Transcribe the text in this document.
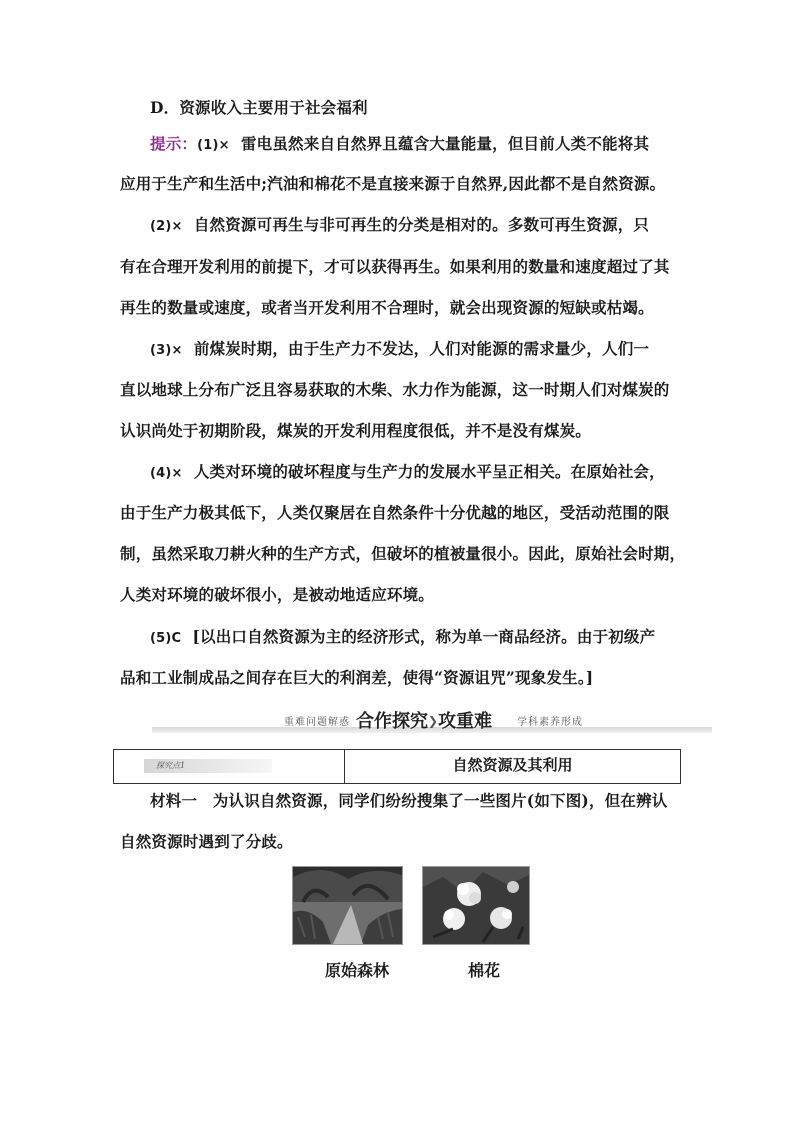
D．资源收入主要用于社会福利
提示：(1)× 雷电虽然来自自然界且蕴含大量能量，但目前人类不能将其
应用于生产和生活中;汽油和棉花不是直接来源于自然界,因此都不是自然资源。
(2)× 自然资源可再生与非可再生的分类是相对的。多数可再生资源，只
有在合理开发利用的前提下，才可以获得再生。如果利用的数量和速度超过了其
再生的数量或速度，或者当开发利用不合理时，就会出现资源的短缺或枯竭。
(3)× 前煤炭时期，由于生产力不发达，人们对能源的需求量少，人们一
直以地球上分布广泛且容易获取的木柴、水力作为能源，这一时期人们对煤炭的
认识尚处于初期阶段，煤炭的开发利用程度很低，并不是没有煤炭。
(4)× 人类对环境的破坏程度与生产力的发展水平呈正相关。在原始社会，
由于生产力极其低下，人类仅聚居在自然条件十分优越的地区，受活动范围的限
制，虽然采取刀耕火种的生产方式，但破坏的植被量很小。因此，原始社会时期，
人类对环境的破坏很小，是被动地适应环境。
(5)C [以出口自然资源为主的经济形式，称为单一商品经济。由于初级产
品和工业制成品之间存在巨大的利润差，使得“资源诅咒”现象发生。]
重难问题解惑 合作探究❯攻重难 学科素养形成
探究点1	自然资源及其利用
材料一　为认识自然资源，同学们纷纷搜集了一些图片(如下图)，但在辨认
自然资源时遇到了分歧。
原始森林	棉花
